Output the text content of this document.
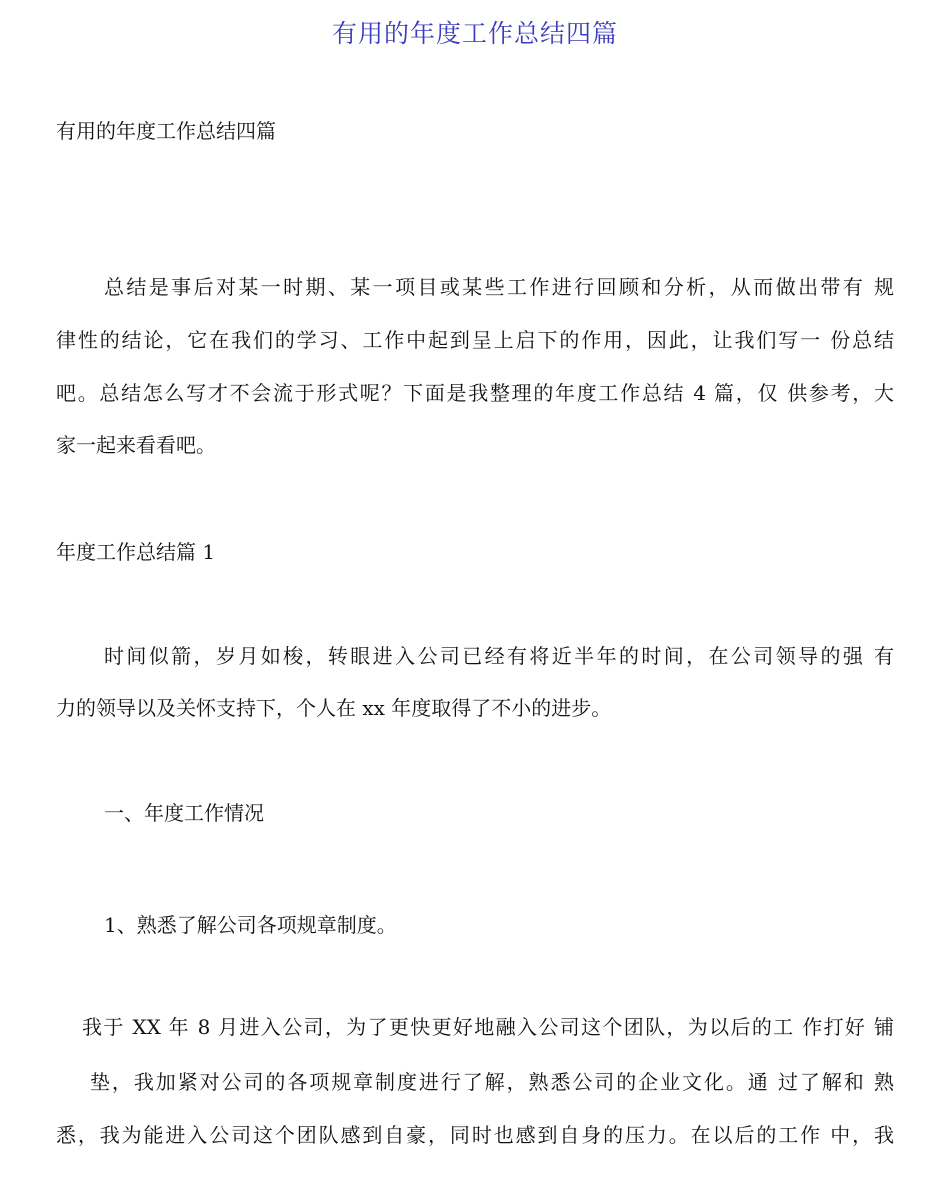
有用的年度工作总结四篇
有用的年度工作总结四篇
总结是事后对某一时期、某一项目或某些工作进行回顾和分析，从而做出带有 规
律性的结论，它在我们的学习、工作中起到呈上启下的作用，因此，让我们写一 份总结
吧。总结怎么写才不会流于形式呢？下面是我整理的年度工作总结 4 篇，仅 供参考，大
家一起来看看吧。
年度工作总结篇 1
时间似箭，岁月如梭，转眼进入公司已经有将近半年的时间，在公司领导的强 有
力的领导以及关怀支持下，个人在 xx 年度取得了不小的进步。
一、年度工作情况
1、熟悉了解公司各项规章制度。
我于 XX 年 8 月进入公司，为了更快更好地融入公司这个团队，为以后的工 作打好 铺
垫，我加紧对公司的各项规章制度进行了解，熟悉公司的企业文化。通 过了解和 熟
悉，我为能进入公司这个团队感到自豪，同时也感到自身的压力。在以后的工作 中，我
